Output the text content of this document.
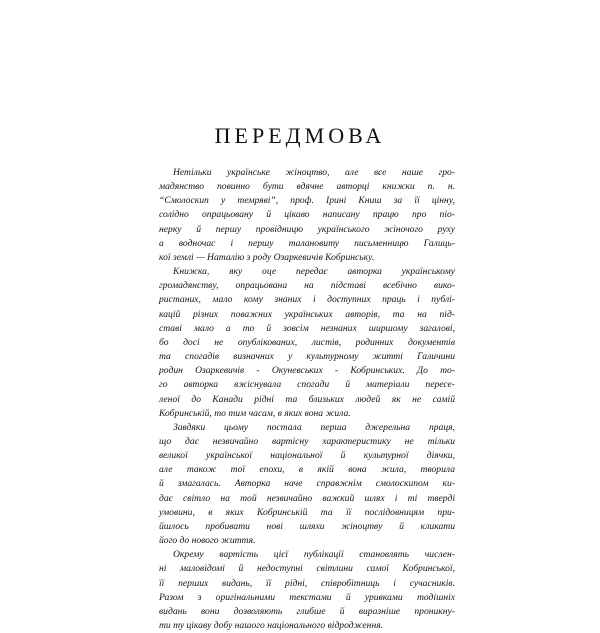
ПЕРЕДМОВА
Нетільки українське жіноцтво, але все наше гро-
мадянство повинно бути вдячне авторці книжки п. н.
“Смолоскип у темряві”, проф. Ірині Книш за її цінну,
солідно опрацьовану й цікаво написану працю про пio-
нерку й першу провідницю українського жіночого руху
а водночас і першу талановиту письменницю Галиць-
кої землі — Наталію з роду Озаркевичів Кобринську.
Книжка, яку оце передає авторка українському
громадянству, опрацьована на підставі всебічно вико-
ристаних, мало кому знаних і доступних праць і публі-
кацій різних поважних українських авторів, та на під-
ставі мало а то й зовсім незнаних ширшому загалові,
бо досі не опублікованих, листів, родинних документів
та спогадів визначних у культурному житті Галичини
родин Озаркевичів - Окуневських - Кобринських. До то-
го авторка вжіснувала спогади й матеріали пересе-
леної до Канади рідні та близьких людей як не самій
Кобринській, то тим часам, в яких вона жила.
Завдяки цьому постала перша джерельна праця,
що дає незвичайно вартісну характеристику не тільки
великої української національної й культурної діячки,
але також тої епохи, в якій вона жила, творила
й змагалась. Авторка наче справжнім смолоскипом ки-
дає світло на той незвичайно важкий шлях і ті тверді
умовини, в яких Кобринській та її послідовницям при-
йшлось пробивати нові шляхи жіноцтву й кликати
його до нового життя.
Окрему вартість цієї публікації становлять числен-
ні маловідомі й недоступні світлини самої Кобринської,
її перших видань, її рідні, співробітниць і сучасників.
Разом з оригінальними текстами й уривками тодішніх
видань вони дозволяють глибше й виразніше проникну-
ти ту цікаву добу нашого національного відродження.
